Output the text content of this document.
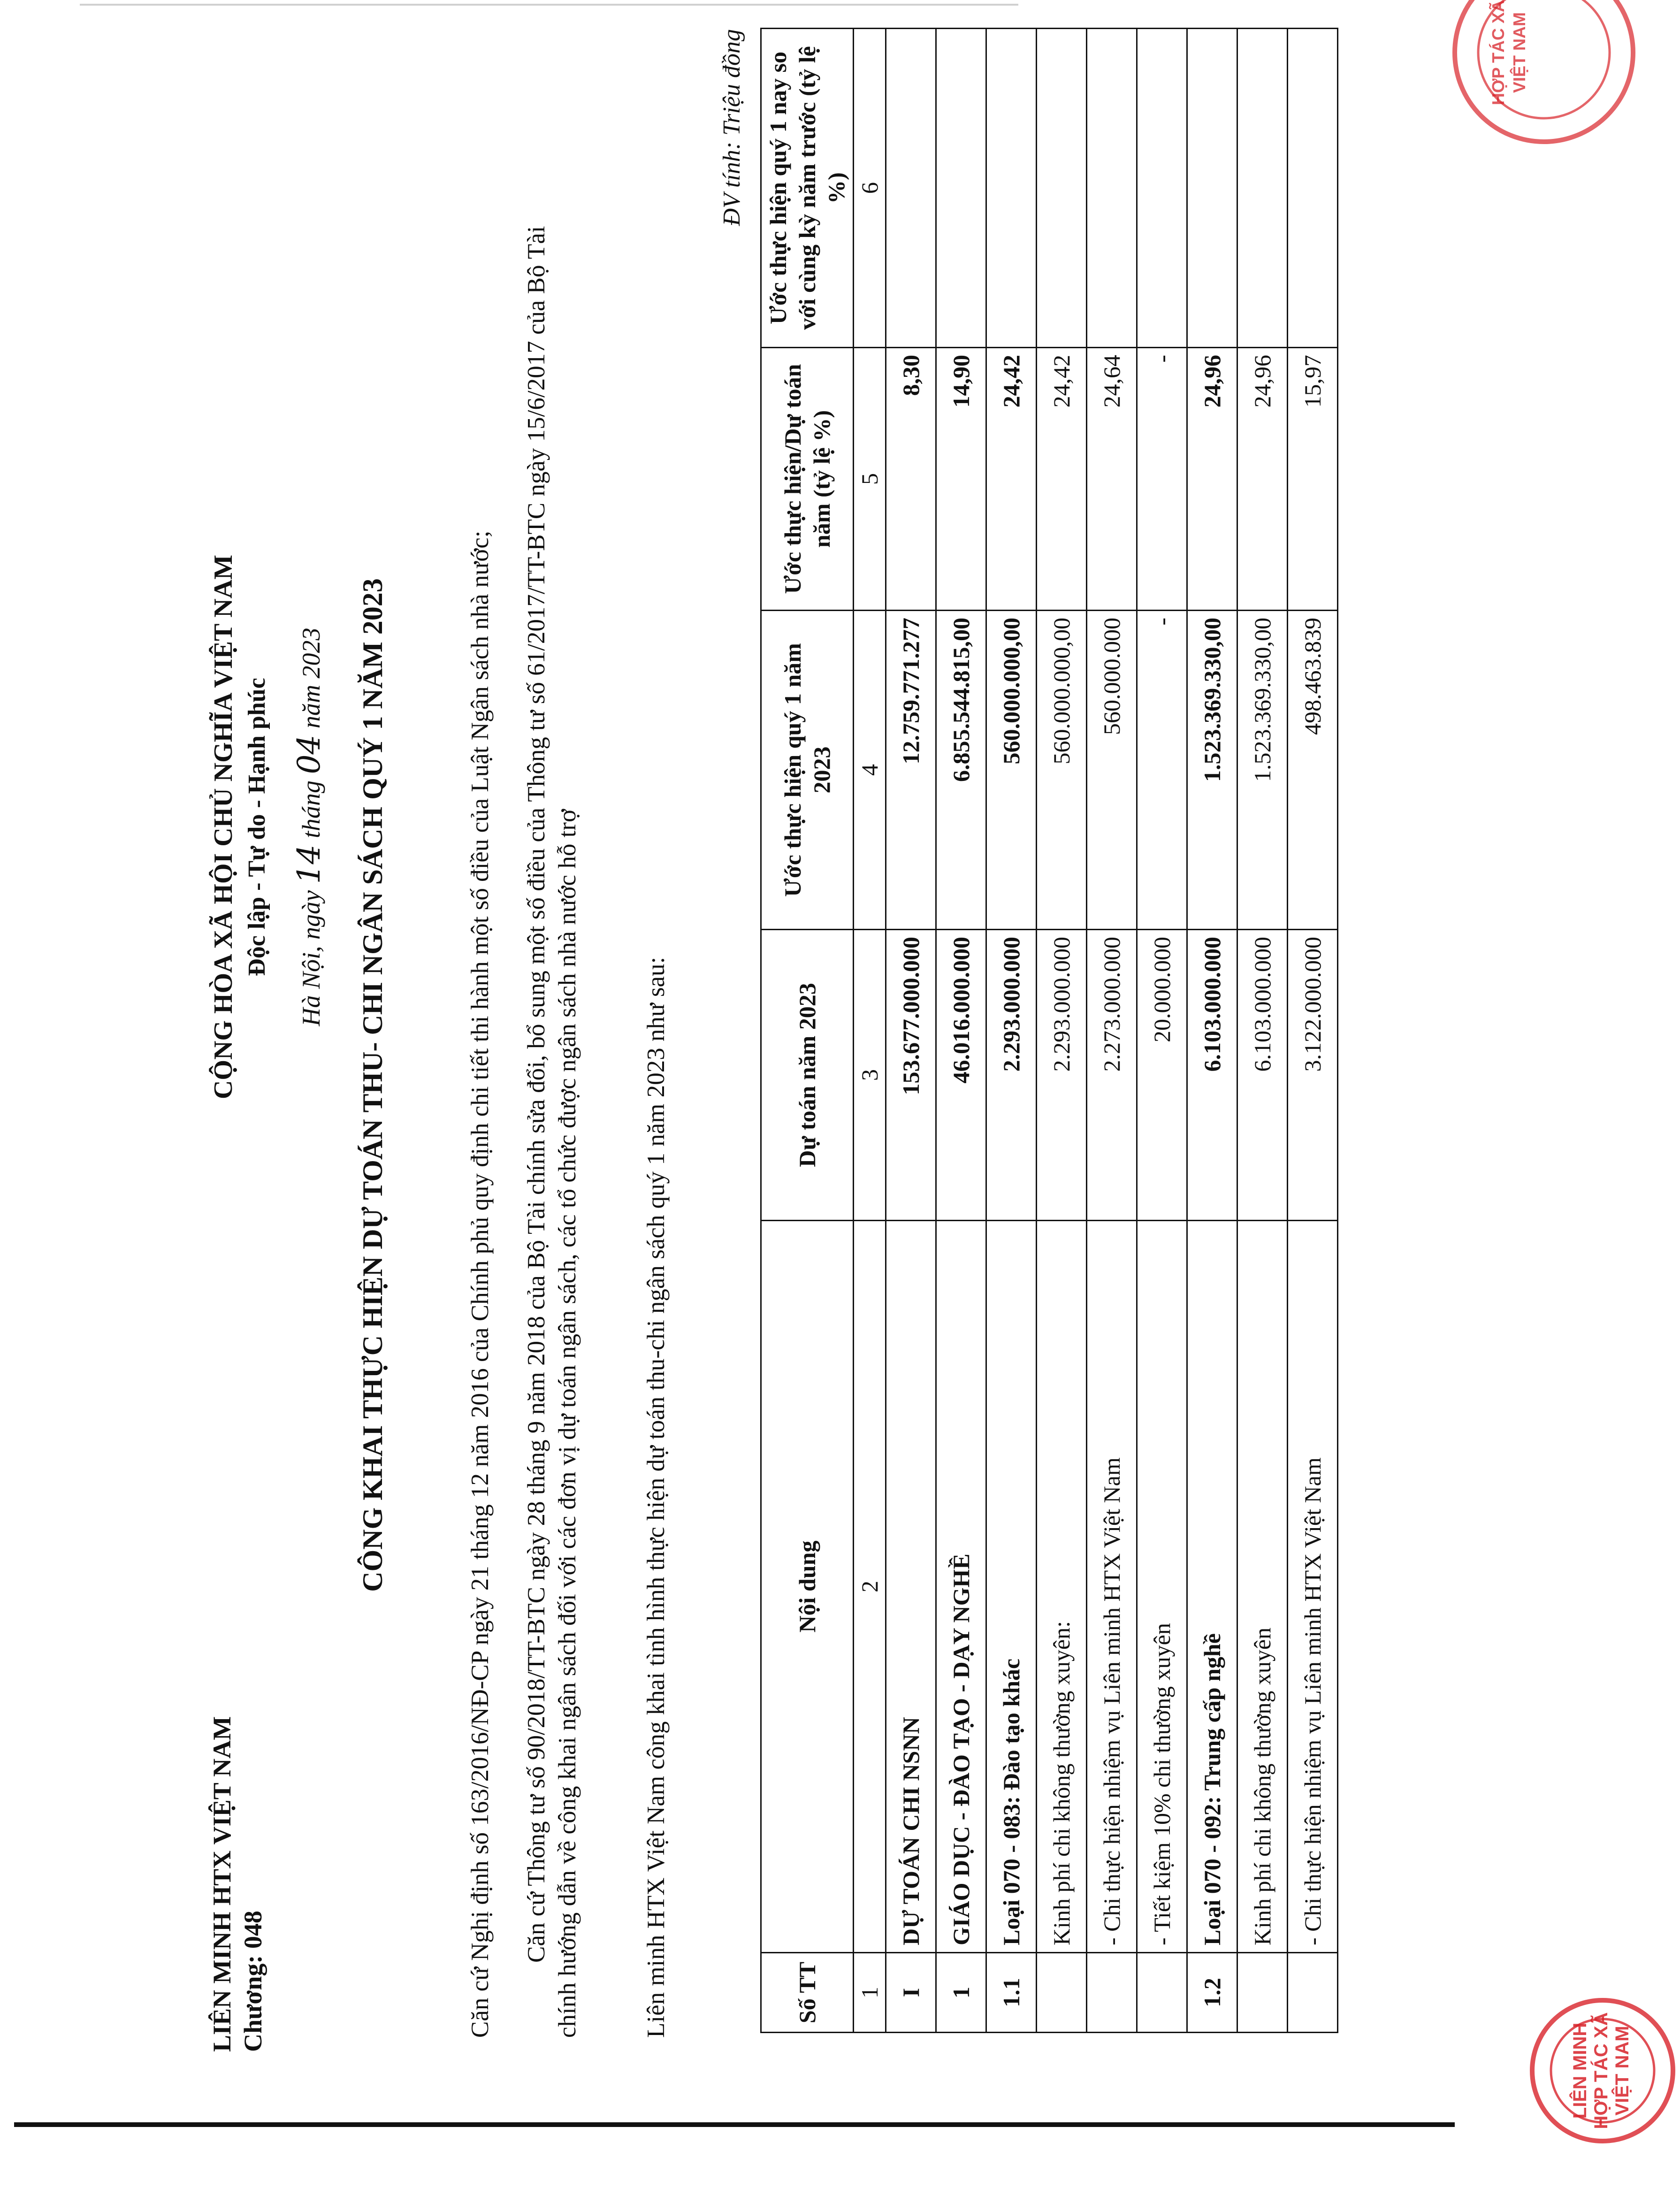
LIÊN MINH HTX VIỆT NAM Chương: 048
CỘNG HÒA XÃ HỘI CHỦ NGHĨA VIỆT NAM Độc lập - Tự do - Hạnh phúc Hà Nội, ngày 14 tháng 04 năm 2023 CÔNG KHAI THỰC HIỆN DỰ TOÁN THU- CHI NGÂN SÁCH QUÝ 1 NĂM 2023	Căn cứ Nghị định số 163/2016/NĐ-CP ngày 21 tháng 12 năm 2016 của Chính phủ quy định chi tiết thi hành một số điều của Luật Ngân sách nhà nước; Căn cứ Thông tư số 90/2018/TT-BTC ngày 28 tháng 9 năm 2018 của Bộ Tài chính sửa đổi, bổ sung một số điều của Thông tư số 61/2017/TT-BTC ngày 15/6/2017 của Bộ Tài chính hướng dẫn về công khai ngân sách đối với các đơn vị dự toán ngân sách, các tổ chức được ngân sách nhà nước hỗ trợ Liên minh HTX Việt Nam công khai tình hình thực hiện dự toán thu-chi ngân sách quý 1 năm 2023 như sau:
ĐV tính: Triệu đồng
Số TT	Nội dung	Dự toán năm 2023	Ước thực hiện quý 1 năm 2023	Ước thực hiện/Dự toán năm (tỷ lệ %)	Ước thực hiện quý 1 nay so với cùng kỳ năm trước (tỷ lệ %)
1	2	3	4	5	6
I	DỰ TOÁN CHI NSNN	153.677.000.000	12.759.771.277	8,30	
1	GIÁO DỤC - ĐÀO TẠO - DẠY NGHỀ	46.016.000.000	6.855.544.815,00	14,90	
1.1	Loại 070 - 083: Đào tạo khác	2.293.000.000	560.000.000,00	24,42	
	Kinh phí chi không thường xuyên:	2.293.000.000	560.000.000,00	24,42	
	- Chi thực hiện nhiệm vụ Liên minh HTX Việt Nam	2.273.000.000	560.000.000	24,64	
	- Tiết kiệm 10% chi thường xuyên	20.000.000	-	-	
1.2	Loại 070 - 092: Trung cấp nghề	6.103.000.000	1.523.369.330,00	24,96	
	Kinh phí chi không thường xuyên	6.103.000.000	1.523.369.330,00	24,96	
	- Chi thực hiện nhiệm vụ Liên minh HTX Việt Nam	3.122.000.000	498.463.839	15,97	
LIÊN MINH HỢP TÁC XÃ VIỆT NAM
HỢP TÁC XÃ VIỆT NAM
